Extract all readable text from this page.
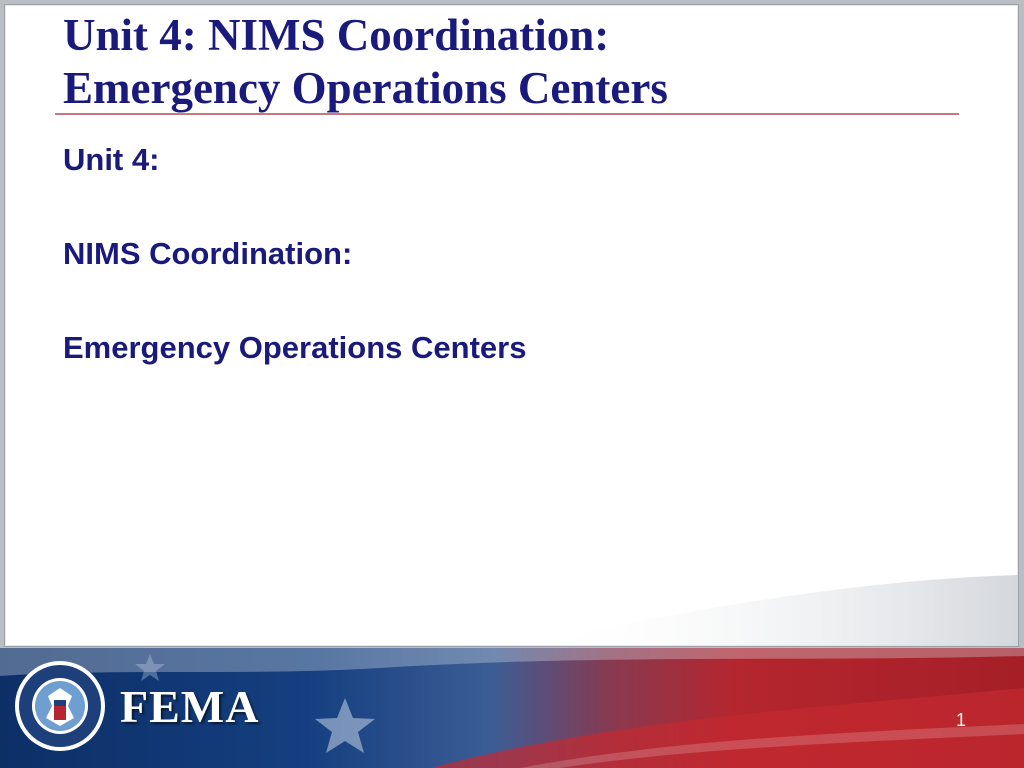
Unit 4: NIMS Coordination:
Emergency Operations Centers
Unit 4:
NIMS Coordination:
Emergency Operations Centers
FEMA	1
